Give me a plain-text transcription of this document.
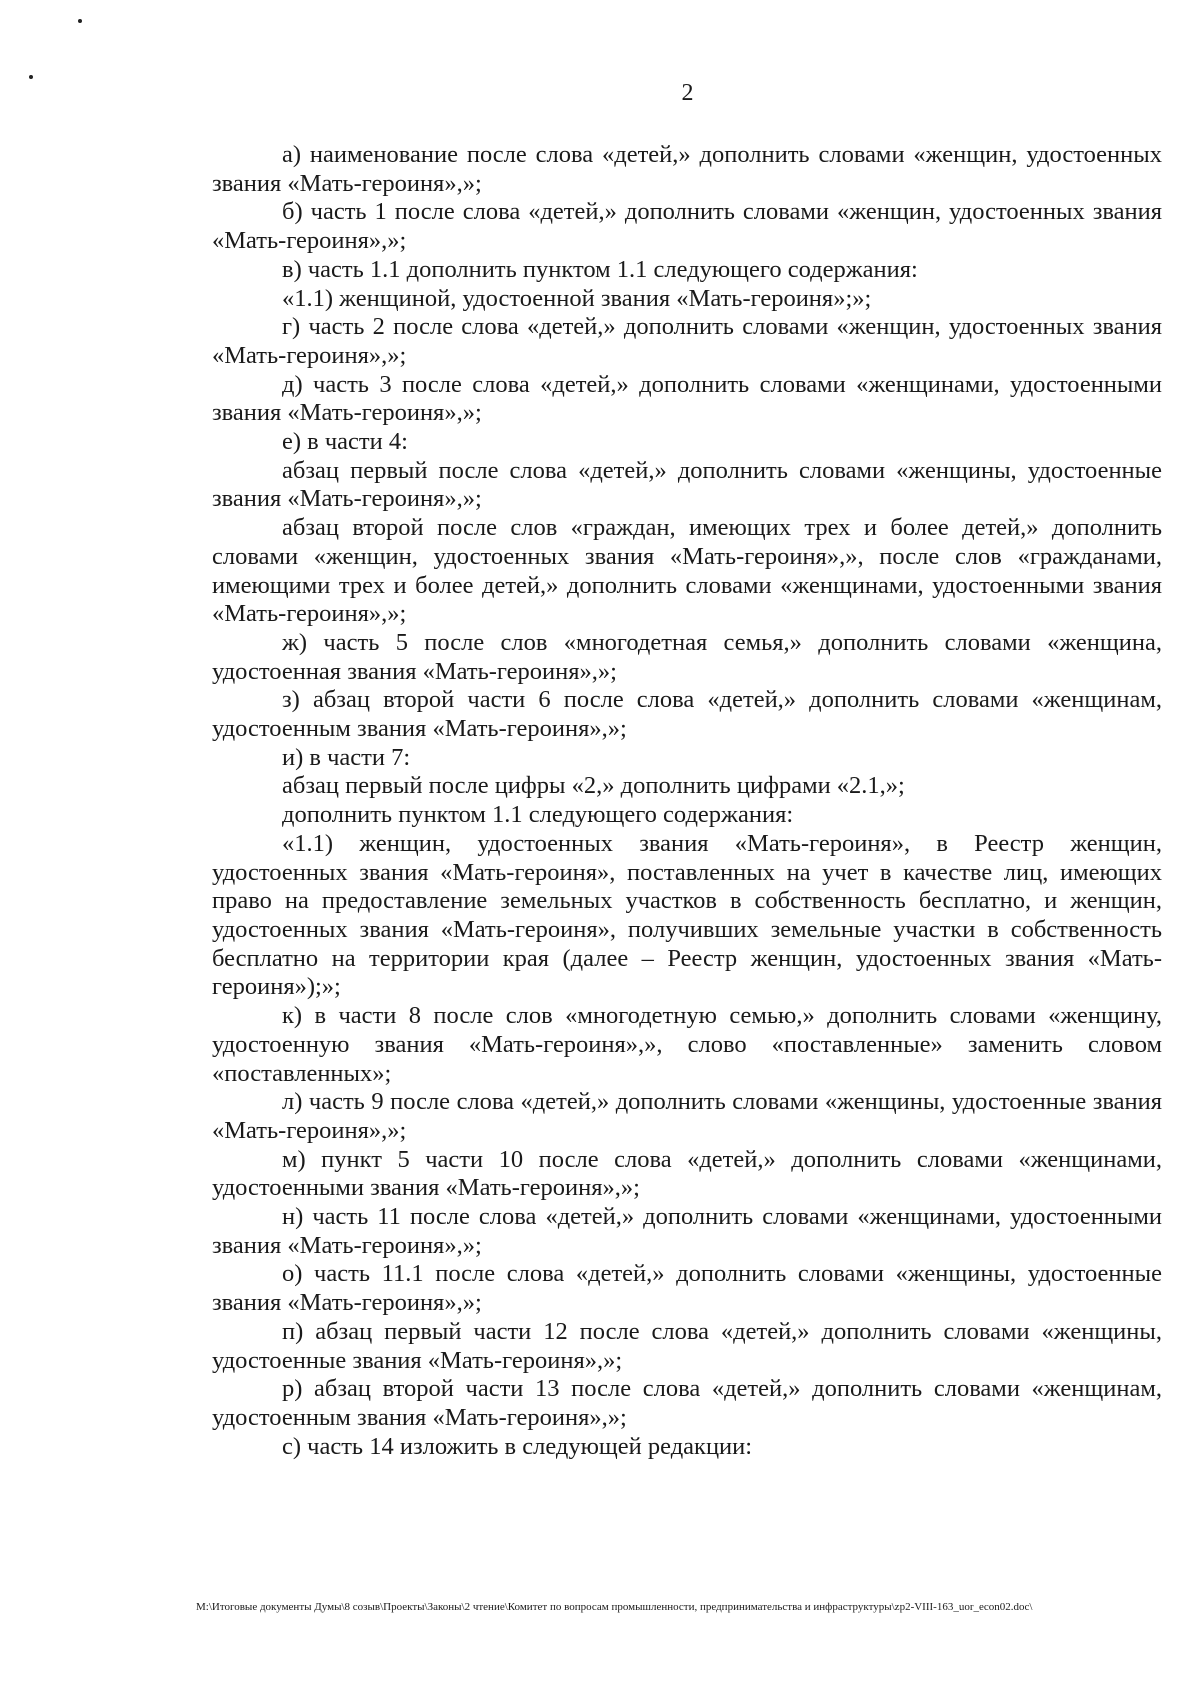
2

а) наименование после слова «детей,» дополнить словами «женщин, удостоенных звания «Мать-героиня»,»;

б) часть 1 после слова «детей,» дополнить словами «женщин, удостоенных звания «Мать-героиня»,»;

в) часть 1.1 дополнить пунктом 1.1 следующего содержания:

«1.1) женщиной, удостоенной звания «Мать-героиня»;»;

г) часть 2 после слова «детей,» дополнить словами «женщин, удостоенных звания «Мать-героиня»,»;

д) часть 3 после слова «детей,» дополнить словами «женщинами, удостоенными звания «Мать-героиня»,»;

е) в части 4:

абзац первый после слова «детей,» дополнить словами «женщины, удостоенные звания «Мать-героиня»,»;

абзац второй после слов «граждан, имеющих трех и более детей,» дополнить словами «женщин, удостоенных звания «Мать-героиня»,», после слов «гражданами, имеющими трех и более детей,» дополнить словами «женщинами, удостоенными звания «Мать-героиня»,»;

ж) часть 5 после слов «многодетная семья,» дополнить словами «женщина, удостоенная звания «Мать-героиня»,»;

з) абзац второй части 6 после слова «детей,» дополнить словами «женщинам, удостоенным звания «Мать-героиня»,»;

и) в части 7:

абзац первый после цифры «2,» дополнить цифрами «2.1,»;

дополнить пунктом 1.1 следующего содержания:

«1.1) женщин, удостоенных звания «Мать-героиня», в Реестр женщин, удостоенных звания «Мать-героиня», поставленных на учет в качестве лиц, имеющих право на предоставление земельных участков в собственность бесплатно, и женщин, удостоенных звания «Мать-героиня», получивших земельные участки в собственность бесплатно на территории края (далее – Реестр женщин, удостоенных звания «Мать-героиня»);»;

к) в части 8 после слов «многодетную семью,» дополнить словами «женщину, удостоенную звания «Мать-героиня»,», слово «поставленные» заменить словом «поставленных»;

л) часть 9 после слова «детей,» дополнить словами «женщины, удостоенные звания «Мать-героиня»,»;

м) пункт 5 части 10 после слова «детей,» дополнить словами «женщинами, удостоенными звания «Мать-героиня»,»;

н) часть 11 после слова «детей,» дополнить словами «женщинами, удостоенными звания «Мать-героиня»,»;

о) часть 11.1 после слова «детей,» дополнить словами «женщины, удостоенные звания «Мать-героиня»,»;

п) абзац первый части 12 после слова «детей,» дополнить словами «женщины, удостоенные звания «Мать-героиня»,»;

р) абзац второй части 13 после слова «детей,» дополнить словами «женщинам, удостоенным звания «Мать-героиня»,»;

с) часть 14 изложить в следующей редакции:

M:\Итоговые документы Думы\8 созыв\Проекты\Законы\2 чтение\Комитет по вопросам промышленности, предпринимательства и инфраструктуры\zp2-VIII-163_uor_econ02.doc\
